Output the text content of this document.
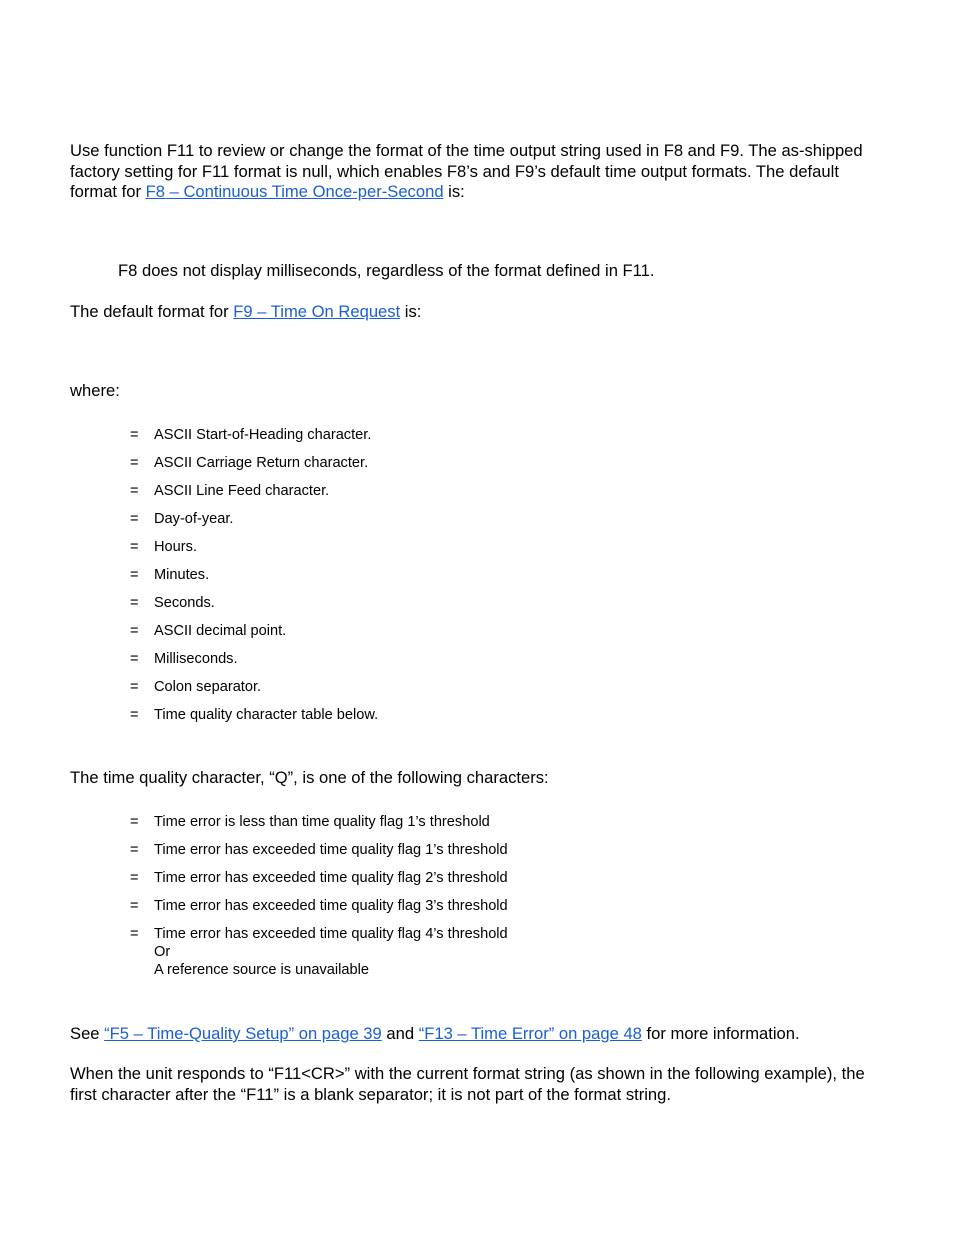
Use function F11 to review or change the format of the time output string used in F8 and F9. The as-shipped factory setting for F11 format is null, which enables F8’s and F9’s default time output formats. The default format for F8 – Continuous Time Once-per-Second is:

F8 does not display milliseconds, regardless of the format defined in F11.

The default format for F9 – Time On Request is:

where:

=	ASCII Start-of-Heading character.
=	ASCII Carriage Return character.
=	ASCII Line Feed character.
=	Day-of-year.
=	Hours.
=	Minutes.
=	Seconds.
=	ASCII decimal point.
=	Milliseconds.
=	Colon separator.
=	Time quality character table below.

The time quality character, “Q”, is one of the following characters:

=	Time error is less than time quality flag 1’s threshold
=	Time error has exceeded time quality flag 1’s threshold
=	Time error has exceeded time quality flag 2’s threshold
=	Time error has exceeded time quality flag 3’s threshold
=	Time error has exceeded time quality flag 4’s threshold
Or
A reference source is unavailable

See “F5 – Time-Quality Setup” on page 39 and “F13 – Time Error” on page 48 for more information.

When the unit responds to “F11<CR>” with the current format string (as shown in the following example), the first character after the “F11” is a blank separator; it is not part of the format string.
